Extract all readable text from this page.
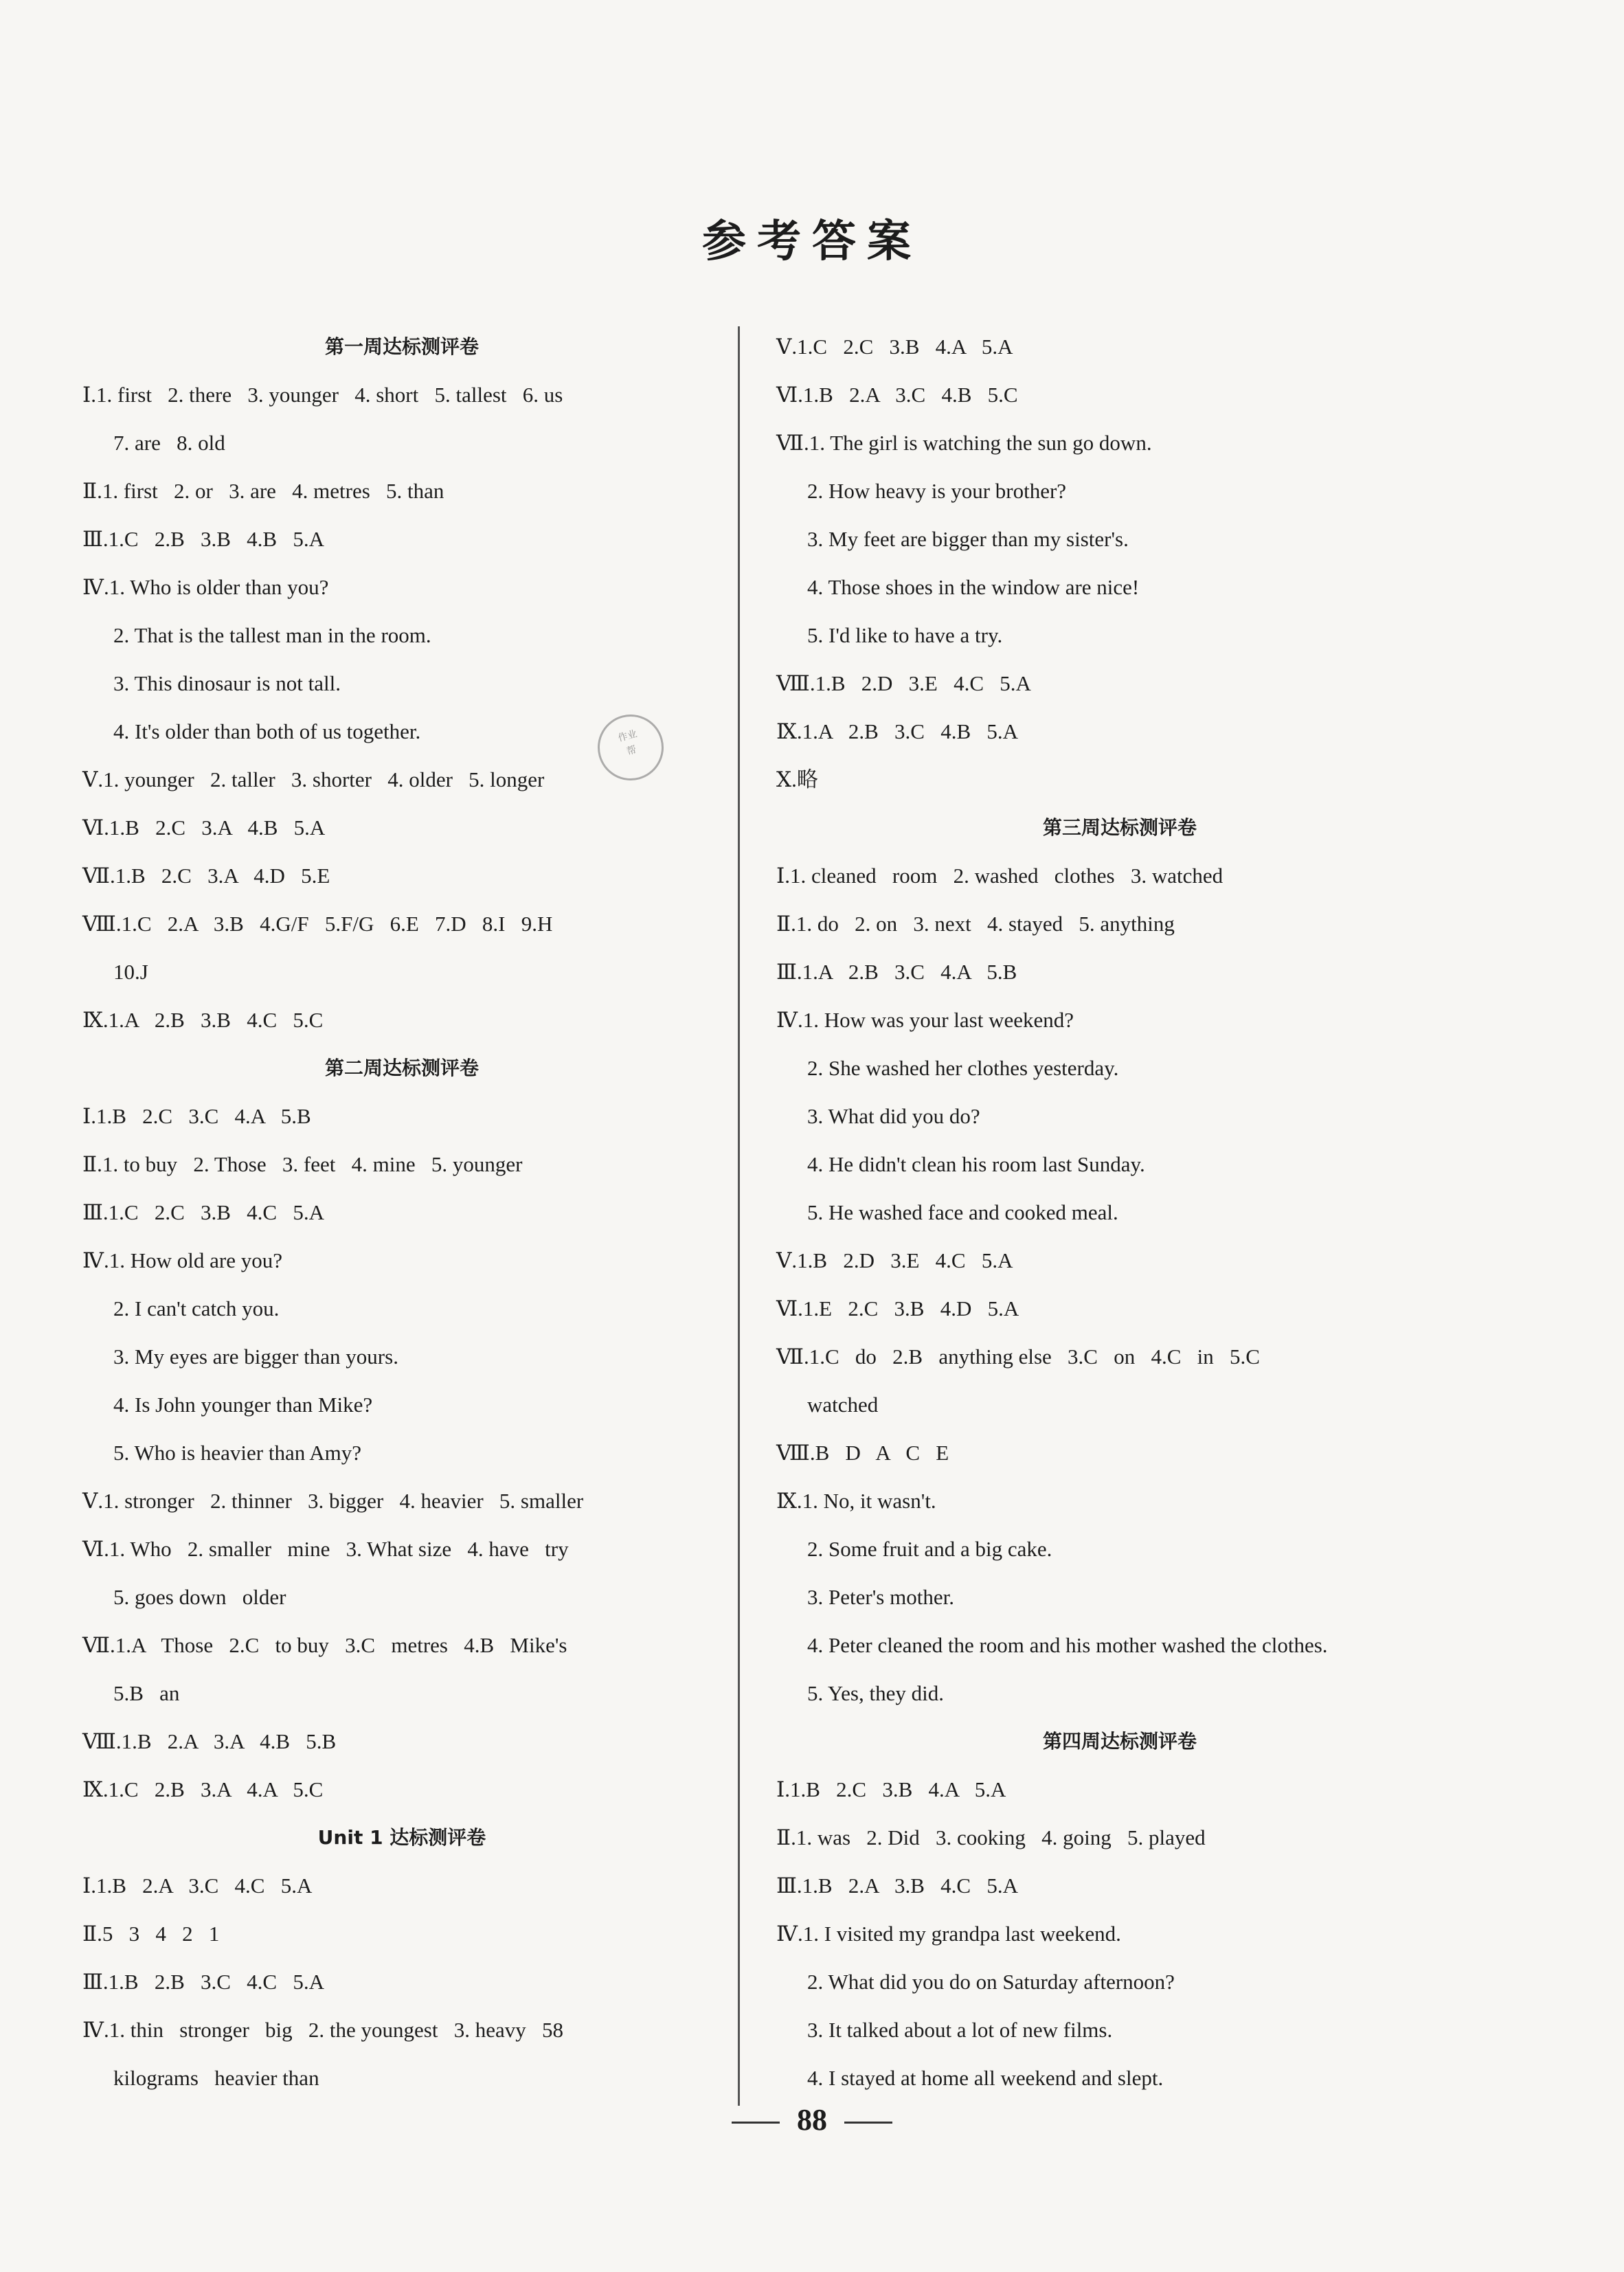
参考答案
第一周达标测评卷
Ⅰ.1. first   2. there   3. younger   4. short   5. tallest   6. us
7. are   8. old
Ⅱ.1. first   2. or   3. are   4. metres   5. than
Ⅲ.1.C   2.B   3.B   4.B   5.A
Ⅳ.1. Who is older than you?
2. That is the tallest man in the room.
3. This dinosaur is not tall.
4. It's older than both of us together.
Ⅴ.1. younger   2. taller   3. shorter   4. older   5. longer
Ⅵ.1.B   2.C   3.A   4.B   5.A
Ⅶ.1.B   2.C   3.A   4.D   5.E
Ⅷ.1.C   2.A   3.B   4.G/F   5.F/G   6.E   7.D   8.I   9.H
10.J
Ⅸ.1.A   2.B   3.B   4.C   5.C
第二周达标测评卷
Ⅰ.1.B   2.C   3.C   4.A   5.B
Ⅱ.1. to buy   2. Those   3. feet   4. mine   5. younger
Ⅲ.1.C   2.C   3.B   4.C   5.A
Ⅳ.1. How old are you?
2. I can't catch you.
3. My eyes are bigger than yours.
4. Is John younger than Mike?
5. Who is heavier than Amy?
Ⅴ.1. stronger   2. thinner   3. bigger   4. heavier   5. smaller
Ⅵ.1. Who   2. smaller   mine   3. What size   4. have   try
5. goes down   older
Ⅶ.1.A   Those   2.C   to buy   3.C   metres   4.B   Mike's
5.B   an
Ⅷ.1.B   2.A   3.A   4.B   5.B
Ⅸ.1.C   2.B   3.A   4.A   5.C
Unit 1 达标测评卷
Ⅰ.1.B   2.A   3.C   4.C   5.A
Ⅱ.5   3   4   2   1
Ⅲ.1.B   2.B   3.C   4.C   5.A
Ⅳ.1. thin   stronger   big   2. the youngest   3. heavy   58
kilograms   heavier than
Ⅴ.1.C   2.C   3.B   4.A   5.A
Ⅵ.1.B   2.A   3.C   4.B   5.C
Ⅶ.1. The girl is watching the sun go down.
2. How heavy is your brother?
3. My feet are bigger than my sister's.
4. Those shoes in the window are nice!
5. I'd like to have a try.
Ⅷ.1.B   2.D   3.E   4.C   5.A
Ⅸ.1.A   2.B   3.C   4.B   5.A
Ⅹ.略
第三周达标测评卷
Ⅰ.1. cleaned   room   2. washed   clothes   3. watched
Ⅱ.1. do   2. on   3. next   4. stayed   5. anything
Ⅲ.1.A   2.B   3.C   4.A   5.B
Ⅳ.1. How was your last weekend?
2. She washed her clothes yesterday.
3. What did you do?
4. He didn't clean his room last Sunday.
5. He washed face and cooked meal.
Ⅴ.1.B   2.D   3.E   4.C   5.A
Ⅵ.1.E   2.C   3.B   4.D   5.A
Ⅶ.1.C   do   2.B   anything else   3.C   on   4.C   in   5.C
watched
Ⅷ.B   D   A   C   E
Ⅸ.1. No, it wasn't.
2. Some fruit and a big cake.
3. Peter's mother.
4. Peter cleaned the room and his mother washed the clothes.
5. Yes, they did.
第四周达标测评卷
Ⅰ.1.B   2.C   3.B   4.A   5.A
Ⅱ.1. was   2. Did   3. cooking   4. going   5. played
Ⅲ.1.B   2.A   3.B   4.C   5.A
Ⅳ.1. I visited my grandpa last weekend.
2. What did you do on Saturday afternoon?
3. It talked about a lot of new films.
4. I stayed at home all weekend and slept.
作业
帮
88
